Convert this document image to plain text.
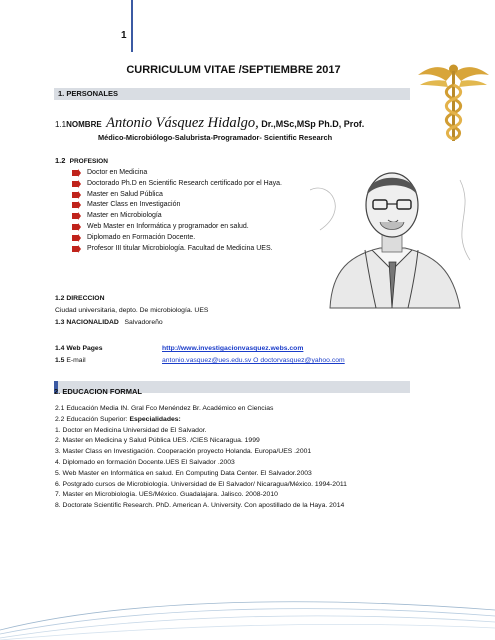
1
CURRICULUM VITAE /SEPTIEMBRE 2017
1. PERSONALES
1.1NOMBRE Antonio Vásquez Hidalgo, Dr.,MSc,MSp Ph.D, Prof.
Médico-Microbiólogo-Salubrista-Programador- Scientific Research
1.2 PROFESION
Doctor en Medicina
Doctorado Ph.D en Scientific Research certificado por el Haya.
Master en Salud Pública
Master Class en Investigación
Master en Microbiología
Web Master en Informática y programador en salud.
Diplomado en Formación Docente.
Profesor III titular Microbiología. Facultad de Medicina UES.
1.2 DIRECCION
Ciudad universitaria, depto. De microbiología. UES
1.3 NACIONALIDAD Salvadoreño
1.4 Web Pages	http://www.investigacionvasquez.webs.com
1.5 E-mail	antonio.vasquez@ues.edu.sv O doctorvasquez@yahoo.com
2. EDUCACION FORMAL
2.1 Educación Media IN. Gral Fco Menéndez Br. Académico en Ciencias
2.2 Educación Superior: Especialidades:
1. Doctor en Medicina Universidad de El Salvador.
2. Master en Medicina y Salud Pública UES. /CIES Nicaragua. 1999
3. Master Class en Investigación. Cooperación proyecto Holanda. Europa/UES .2001
4. Diplomado en formación Docente.UES El Salvador .2003
5. Web Master en Informática en salud. En Computing Data Center. El Salvador.2003
6. Postgrado cursos de Microbiología. Universidad de El Salvador/ Nicaragua/México. 1994-2011
7. Master en Microbiología. UES/México. Guadalajara. Jalisco. 2008-2010
8. Doctorate Scientific Research. PhD. American A. University. Con apostillado de la Haya. 2014
